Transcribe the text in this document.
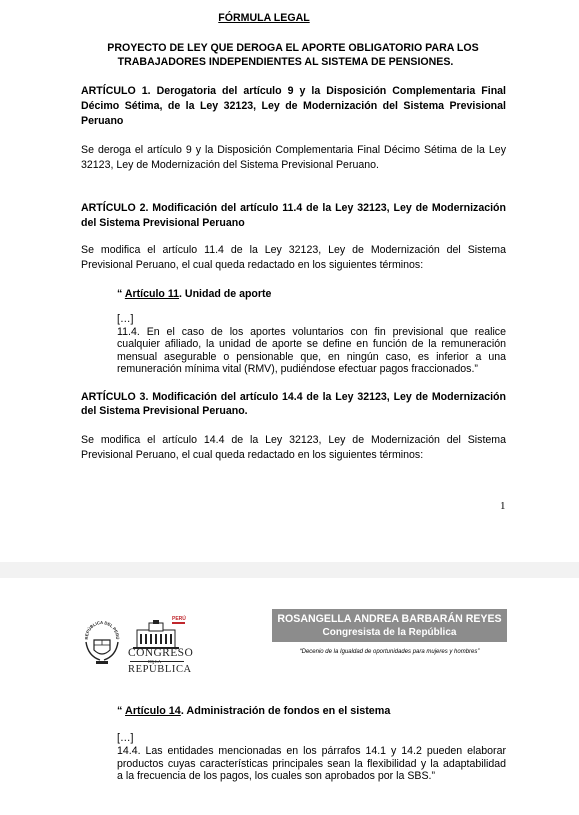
FÓRMULA LEGAL

PROYECTO DE LEY QUE DEROGA EL APORTE OBLIGATORIO PARA LOS

TRABAJADORES INDEPENDIENTES AL SISTEMA DE PENSIONES.

ARTÍCULO 1. Derogatoria del artículo 9 y la Disposición Complementaria Final

Décimo Sétima, de la Ley 32123, Ley de Modernización del Sistema Previsional

Peruano

Se deroga el artículo 9 y la Disposición Complementaria Final Décimo Sétima de la Ley

32123, Ley de Modernización del Sistema Previsional Peruano.

ARTÍCULO 2. Modificación del artículo 11.4 de la Ley 32123, Ley de Modernización

del Sistema Previsional Peruano

Se modifica el artículo 11.4 de la Ley 32123, Ley de Modernización del Sistema

Previsional Peruano, el cual queda redactado en los siguientes términos:

“ Artículo 11. Unidad de aporte

[…]

11.4. En el caso de los aportes voluntarios con fin previsional que realice

cualquier afiliado, la unidad de aporte se define en función de la remuneración

mensual asegurable o pensionable que, en ningún caso, es inferior a una

remuneración mínima vital (RMV), pudiéndose efectuar pagos fraccionados.”

ARTÍCULO 3. Modificación del artículo 14.4 de la Ley 32123, Ley de Modernización

del Sistema Previsional Peruano.

Se modifica el artículo 14.4 de la Ley 32123, Ley de Modernización del Sistema

Previsional Peruano, el cual queda redactado en los siguientes términos:

1
REPÚBLICA DEL PERÚ
PERÚ
CONGRESO
REPÚBLICA
ROSANGELLA ANDREA BARBARÁN REYES
Congresista de la República
“Decenio de la Igualdad de oportunidades para mujeres y hombres”

“ Artículo 14. Administración de fondos en el sistema

[…]

14.4. Las entidades mencionadas en los párrafos 14.1 y 14.2 pueden elaborar

productos cuyas características principales sean la flexibilidad y la adaptabilidad

a la frecuencia de los pagos, los cuales son aprobados por la SBS.”
